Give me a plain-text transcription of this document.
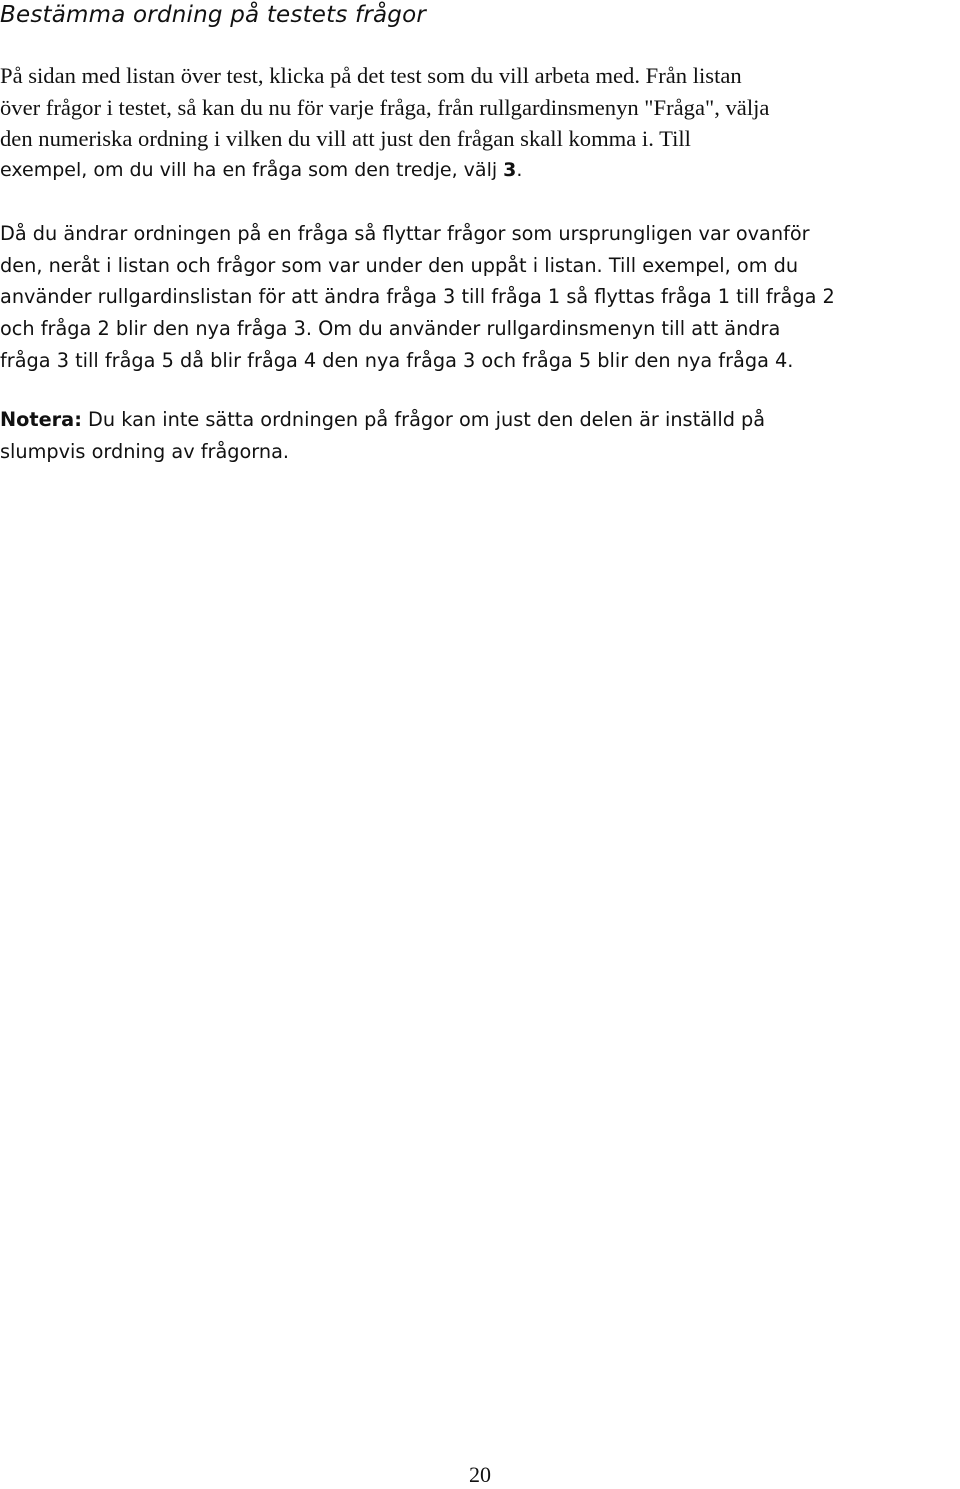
Bestämma ordning på testets frågor
På sidan med listan över test, klicka på det test som du vill arbeta med. Från listan
över frågor i testet, så kan du nu för varje fråga, från rullgardinsmenyn "Fråga", välja
den numeriska ordning i vilken du vill att just den frågan skall komma i. Till
exempel, om du vill ha en fråga som den tredje, välj 3.
Då du ändrar ordningen på en fråga så flyttar frågor som ursprungligen var ovanför
den, neråt i listan och frågor som var under den uppåt i listan. Till exempel, om du
använder rullgardinslistan för att ändra fråga 3 till fråga 1 så flyttas fråga 1 till fråga 2
och fråga 2 blir den nya fråga 3. Om du använder rullgardinsmenyn till att ändra
fråga 3 till fråga 5 då blir fråga 4 den nya fråga 3 och fråga 5 blir den nya fråga 4.
Notera: Du kan inte sätta ordningen på frågor om just den delen är inställd på
slumpvis ordning av frågorna.
20
